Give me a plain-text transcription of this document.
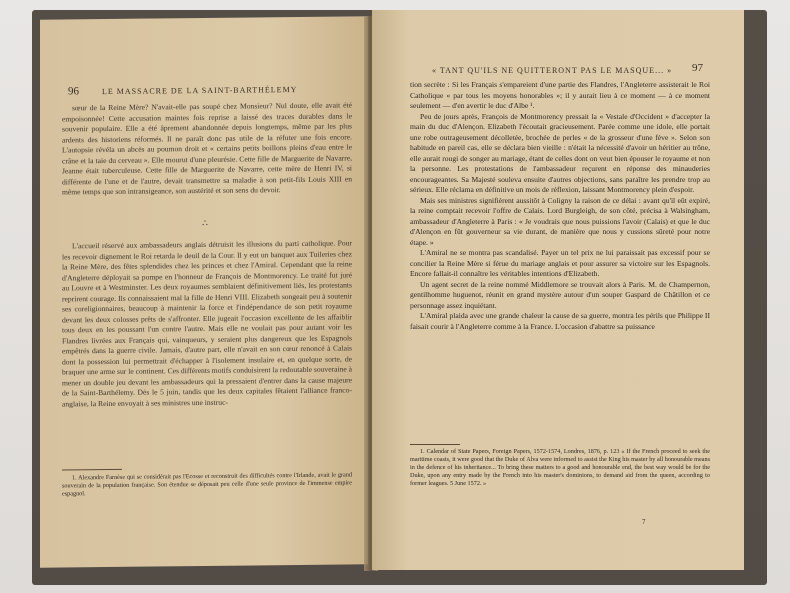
96	LE MASSACRE DE LA SAINT-BARTHÉLEMY

sœur de la Reine Mère? N'avait-elle pas soupé chez Monsieur? Nul doute, elle avait été empoisonnée! Cette accusation maintes fois reprise a laissé des traces durables dans le souvenir populaire. Elle a été âprement abandonnée depuis longtemps, même par les plus ardents des historiens réformés. Il ne paraît donc pas utile de la réfuter une fois encore. L'autopsie révéla un abcès au poumon droit et « certains petits boillons pleins d'eau entre le crâne et la taie du cerveau ». Elle mourut d'une pleurésie. Cette fille de Marguerite de Navarre, Jeanne était tuberculeuse. Cette fille de Marguerite de Navarre, cette mère de Henri IV, si différente de l'une et de l'autre, devait transmettre sa maladie à son petit-fils Louis XIII en même temps que son intransigeance, son austérité et son sens du devoir.

∴

L'accueil réservé aux ambassadeurs anglais détruisit les illusions du parti catholique. Pour les recevoir dignement le Roi retarda le deuil de la Cour. Il y eut un banquet aux Tuileries chez la Reine Mère, des fêtes splendides chez les princes et chez l'Amiral. Cependant que la reine d'Angleterre déployait sa pompe en l'honneur de François de Montmorency. Le traité fut juré au Louvre et à Westminster. Les deux royaumes semblaient définitivement liés, les protestants reprirent courage. Ils connaissaient mal la fille de Henri VIII. Elizabeth songeait peu à soutenir ses coreligionnaires, beaucoup à maintenir la force et l'indépendance de son petit royaume devant les deux colosses prêts de s'affronter. Elle jugeait l'occasion excellente de les affaiblir tous deux en les poussant l'un contre l'autre. Mais elle ne voulait pas pour autant voir les Flandres livrées aux Français qui, vainqueurs, y seraient plus dangereux que les Espagnols empêtrés dans la guerre civile. Jamais, d'autre part, elle n'avait en son cœur renoncé à Calais dont la possession lui permettrait d'échapper à l'isolement insulaire et, en quelque sorte, de braquer une arme sur le continent. Ces différents motifs conduisirent la redoutable souveraine à mener un double jeu devant les ambassadeurs qui la pressaient d'entrer dans la cause majeure de la Saint-Barthélemy. Dès le 5 juin, tandis que les deux capitales fêtaient l'alliance franco-anglaise, la Reine envoyait à ses ministres une instruc-

1. Alexandre Farnèse qui se considérait pas l'Ecosse et reconstruit des difficultés contre l'Irlande, avait le grand souverain de la population française. Son étendue se déposait peu celle d'une seule province de l'immense empire espagnol.

« TANT QU'ILS NE QUITTERONT PAS LE MASQUE... » 97

tion secrète : Si les Français s'empareient d'une partie des Flandres, l'Angleterre assisterait le Roi Catholique « par tous les moyens honorables »; il y aurait lieu à ce moment — à ce moment seulement — d'en avertir le duc d'Albe ¹.

Peu de jours après, François de Montmorency pressait la « Vestale d'Occident » d'accepter la main du duc d'Alençon. Elizabeth l'écoutait gracieusement. Parée comme une idole, elle portait une robe outrageusement décolletée, brochée de perles « de la grosseur d'une fève ». Selon son habitude en pareil cas, elle se déclara bien vieille : n'était la nécessité d'avoir un héritier au trône, elle aurait rougi de songer au mariage, étant de celles dont on veut bien épouser le royaume et non la personne. Les protestations de l'ambassadeur reçurent en réponse des minauderies encourageantes. Sa Majesté souleva ensuite d'autres objections, sans paraître les prendre trop au sérieux. Elle réclama en définitive un mois de réflexion, laissant Montmorency plein d'espoir.

Mais ses ministres signifièrent aussitôt à Coligny la raison de ce délai : avant qu'il eût expiré, la reine comptait recevoir l'offre de Calais. Lord Burgleigh, de son côté, précisa à Walsingham, ambassadeur d'Angleterre à Paris : « Je voudrais que nous puissions l'avoir (Calais) et que le duc d'Alençon en fût gouverneur sa vie durant, de manière que nous y cussions sûreté pour notre étape. »

L'Amiral ne se montra pas scandalisé. Payer un tel prix ne lui paraissait pas excessif pour se concilier la Reine Mère si férue du mariage anglais et pour assurer sa victoire sur les Espagnols. Encore fallait-il connaître les véritables intentions d'Elizabeth.

Un agent secret de la reine nommé Middlemore se trouvait alors à Paris. M. de Champernon, gentilhomme huguenot, réunit en grand mystère autour d'un souper Gaspard de Châtillon et ce personnage assez inquiétant.

L'Amiral plaida avec une grande chaleur la cause de sa guerre, montra les périls que Philippe II faisait courir à l'Angleterre comme à la France. L'occasion d'abattre sa puissance

1. Calendar of State Papers, Foreign Papers, 1572-1574, Londres, 1876, p. 123 « If the French proceed to seek the maritime coasts, it were good that the Duke of Alva were informed to assist the King his master by all honourable means in the defence of his inheritance... To bring these matters to a good and honourable end, the best way would be for the Duke, upon any entry made by the French into his master's dominions, to demand aid from the queen, according to former leagues. 5 June 1572. »

7
